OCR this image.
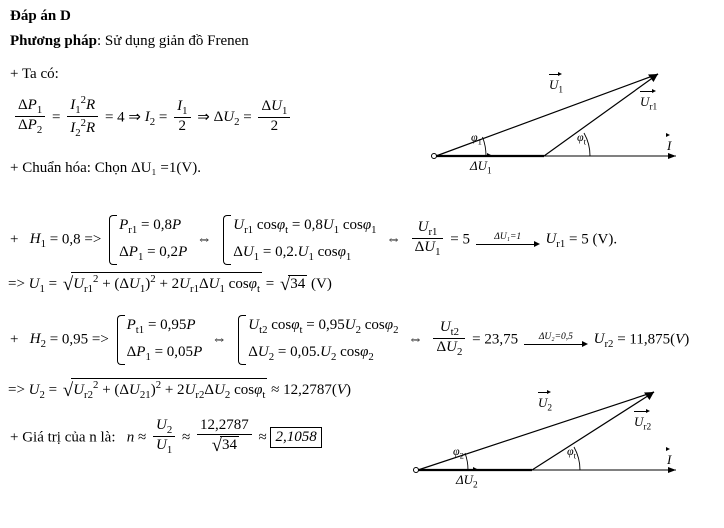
Đáp án D
Phương pháp: Sử dụng giản đồ Frenen
+ Ta có:
$\frac{\Delta P_1}{\Delta P_2} = \frac{I_1^2R}{I_2^2R} = 4$ ⇒ $I_2 = \frac{I_1}{2}$ ⇒ $\Delta U_2 = \frac{\Delta U_1}{2}$
+ Chuẩn hóa: Chọn ΔU₁ =1(V).
+   $H_1 = 0,8$ =>
$P_{r1} = 0,8P$
$\Delta P_1 = 0,2P$
⇔
$U_{r1}$ $\cos\varphi_t = 0,8U_1$ cosφ$_1$
$\Delta U_1 = 0,2.U_1$ cosφ$_1$
⇔ $\frac{U_{r1}}{\Delta U_1} = 5$	ΔU₁=1	$U_{r1} = 5$ (V).
=> $U_1 = √U_{r1}^2 + (\Delta U_1)^2 + 2U_{r1}\Delta U_1$ cosφ$_t$ = √34 (V)
+   $H_2 = 0,95$ =>
$P_{t1} = 0,95P$
$\Delta P_1 = 0,05P$
⇔
$U_{t2}$ $\cos\varphi_t = 0,95U_2$ cosφ$_2$
$\Delta U_2 = 0,05.U_2$ cosφ$_2$
⇔ $\frac{U_{t2}}{\Delta U_2} = 23,75$	ΔU₂=0,5	$U_{r2} = 11,875(V)$
=> $U_2 = √U_{r2}^2 + (\Delta U_{21})^2 + 2U_{r2}\Delta U_2$ cosφ$_t$ ≈ 12,2787(V)
+ Giá trị của n là:   $n \approx \frac{U_2}{U_1} \approx \frac{12,2787}{√34} \approx 2,1058$
$U_1$
$U_{r1}$
$\varphi_1$	$\varphi_t$	I
$\Delta U_1$
$U_2$
$U_{r2}$
$\varphi_2$	$\varphi_t$	I
$\Delta U_2$
